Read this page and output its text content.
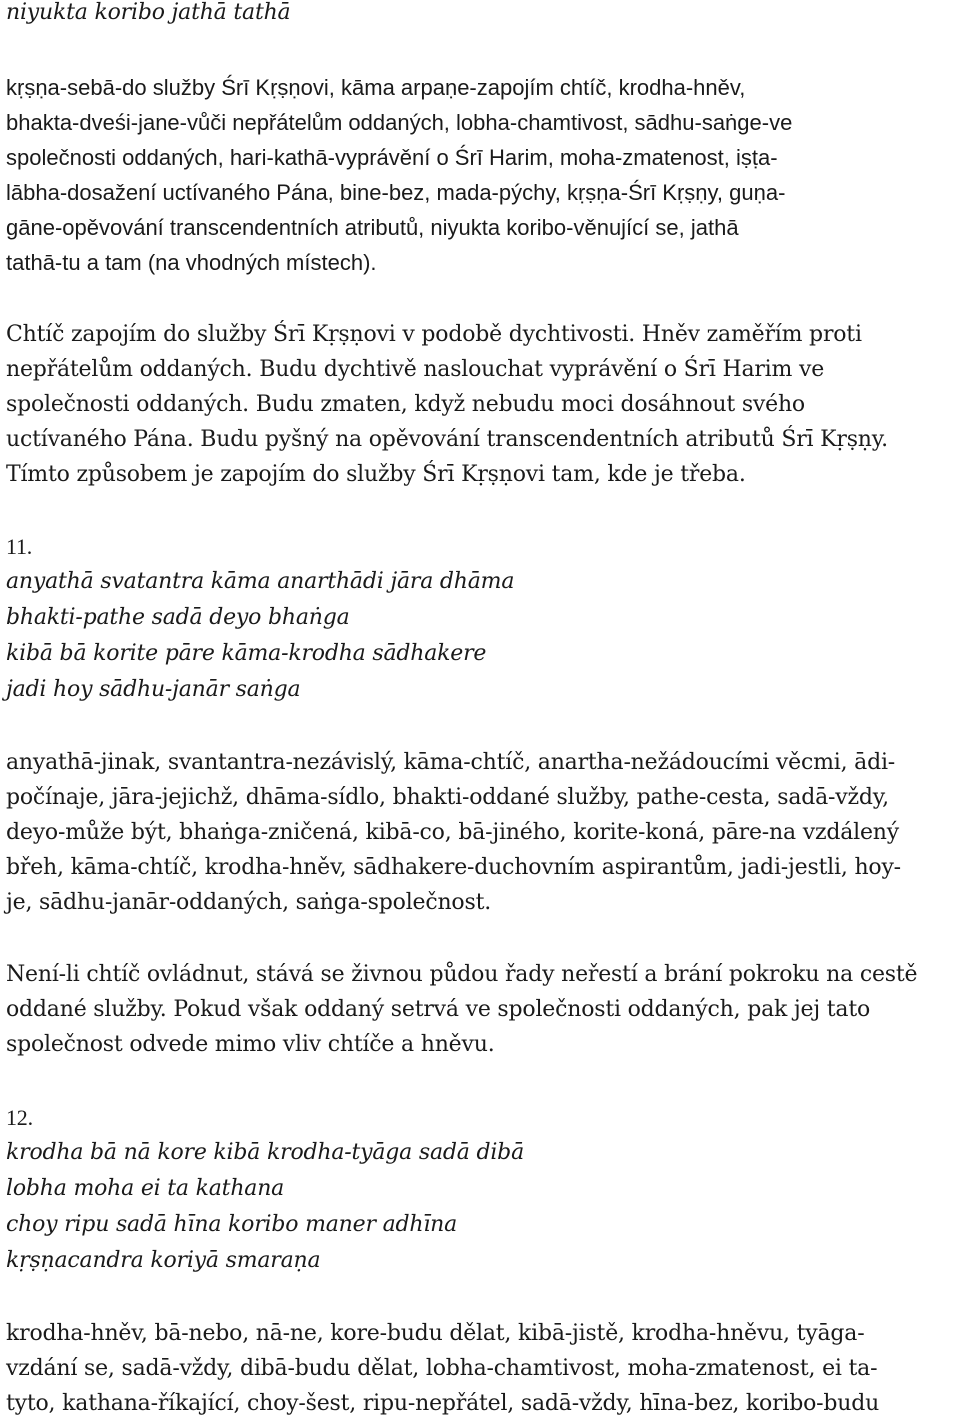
niyukta koribo jathā tathā
kṛṣṇa-sebā-do služby Śrī Kṛṣṇovi, kāma arpaṇe-zapojím chtíč, krodha-hněv,
bhakta-dveśi-jane-vůči nepřátelům oddaných, lobha-chamtivost, sādhu-saṅge-ve
společnosti oddaných, hari-kathā-vyprávění o Śrī Harim, moha-zmatenost, iṣṭa-
lābha-dosažení uctívaného Pána, bine-bez, mada-pýchy, kṛṣṇa-Śrī Kṛṣṇy, guṇa-
gāne-opěvování transcendentních atributů, niyukta koribo-věnující se, jathā
tathā-tu a tam (na vhodných místech).
Chtíč zapojím do služby Śrī Kṛṣṇovi v podobě dychtivosti. Hněv zaměřím proti
nepřátelům oddaných. Budu dychtivě naslouchat vyprávění o Śrī Harim ve
společnosti oddaných. Budu zmaten, když nebudu moci dosáhnout svého
uctívaného Pána. Budu pyšný na opěvování transcendentních atributů Śrī Kṛṣṇy.
Tímto způsobem je zapojím do služby Śrī Kṛṣṇovi tam, kde je třeba.
11.
anyathā svatantra kāma anarthādi jāra dhāma
bhakti-pathe sadā deyo bhaṅga
kibā bā korite pāre kāma-krodha sādhakere
jadi hoy sādhu-janār saṅga
anyathā-jinak, svantantra-nezávislý, kāma-chtíč, anartha-nežádoucími věcmi, ādi-
počínaje, jāra-jejichž, dhāma-sídlo, bhakti-oddané služby, pathe-cesta, sadā-vždy,
deyo-může být, bhaṅga-zničená, kibā-co, bā-jiného, korite-koná, pāre-na vzdálený
břeh, kāma-chtíč, krodha-hněv, sādhakere-duchovním aspirantům, jadi-jestli, hoy-
je, sādhu-janār-oddaných, saṅga-společnost.
Není-li chtíč ovládnut, stává se živnou půdou řady neřestí a brání pokroku na cestě
oddané služby. Pokud však oddaný setrvá ve společnosti oddaných, pak jej tato
společnost odvede mimo vliv chtíče a hněvu.
12.
krodha bā nā kore kibā krodha-tyāga sadā dibā
lobha moha ei ta kathana
choy ripu sadā hīna koribo maner adhīna
kṛṣṇacandra koriyā smaraṇa
krodha-hněv, bā-nebo, nā-ne, kore-budu dělat, kibā-jistě, krodha-hněvu, tyāga-
vzdání se, sadā-vždy, dibā-budu dělat, lobha-chamtivost, moha-zmatenost, ei ta-
tyto, kathana-říkající, choy-šest, ripu-nepřátel, sadā-vždy, hīna-bez, koribo-budu
